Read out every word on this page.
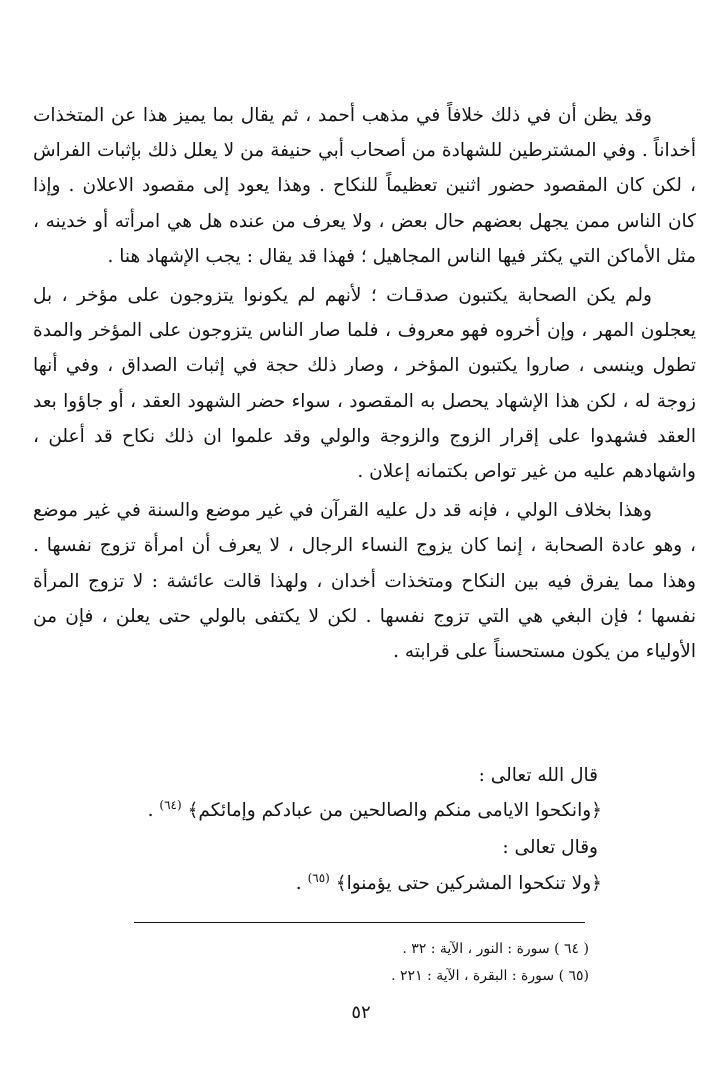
وقد يظن أن في ذلك خلافاً في مذهب أحمد ، ثم يقال بما يميز هذا عن المتخذات أخداناً . وفي المشترطين للشهادة من أصحاب أبي حنيفة من لا يعلل ذلك بإثبات الفراش ، لكن كان المقصود حضور اثنين تعظيماً للنكاح . وهذا يعود إلى مقصود الاعلان . وإذا كان الناس ممن يجهل بعضهم حال بعض ، ولا يعرف من عنده هل هي امرأته أو خدينه ، مثل الأماكن التي يكثر فيها الناس المجاهيل ؛ فهذا قد يقال : يجب الإشهاد هنا .

ولم يكن الصحابة يكتبون صدقـات ؛ لأنهم لم يكونوا يتزوجون على مؤخر ، بل يعجلون المهر ، وإن أخروه فهو معروف ، فلما صار الناس يتزوجون على المؤخر والمدة تطول وينسى ، صاروا يكتبون المؤخر ، وصار ذلك حجة في إثبات الصداق ، وفي أنها زوجة له ، لكن هذا الإشهاد يحصل به المقصود ، سواء حضر الشهود العقد ، أو جاؤوا بعد العقد فشهدوا على إقرار الزوج والزوجة والولي وقد علموا ان ذلك نكاح قد أعلن ، واشهادهم عليه من غير تواص بكتمانه إعلان .

وهذا بخلاف الولي ، فإنه قد دل عليه القرآن في غير موضع والسنة في غير موضع ، وهو عادة الصحابة ، إنما كان يزوج النساء الرجال ، لا يعرف أن امرأة تزوج نفسها . وهذا مما يفرق فيه بين النكاح ومتخذات أخدان ، ولهذا قالت عائشة : لا تزوج المرأة نفسها ؛ فإن البغي هي التي تزوج نفسها . لكن لا يكتفى بالولي حتى يعلن ، فإن من الأولياء من يكون مستحسناً على قرابته .

قال الله تعالى :
﴿وانكحوا الايامى منكم والصالحين من عبادكم وإمائكم﴾ $^{(٦٤)}$ .
وقال تعالى :
﴿ولا تنكحوا المشركين حتى يؤمنوا﴾ $^{(٦٥)}$ .
( ٦٤ ) سورة : النور ، الآية : ٣٢ .
(٦٥ ) سورة : البقرة ، الآية : ٢٢١ .
٥٢
